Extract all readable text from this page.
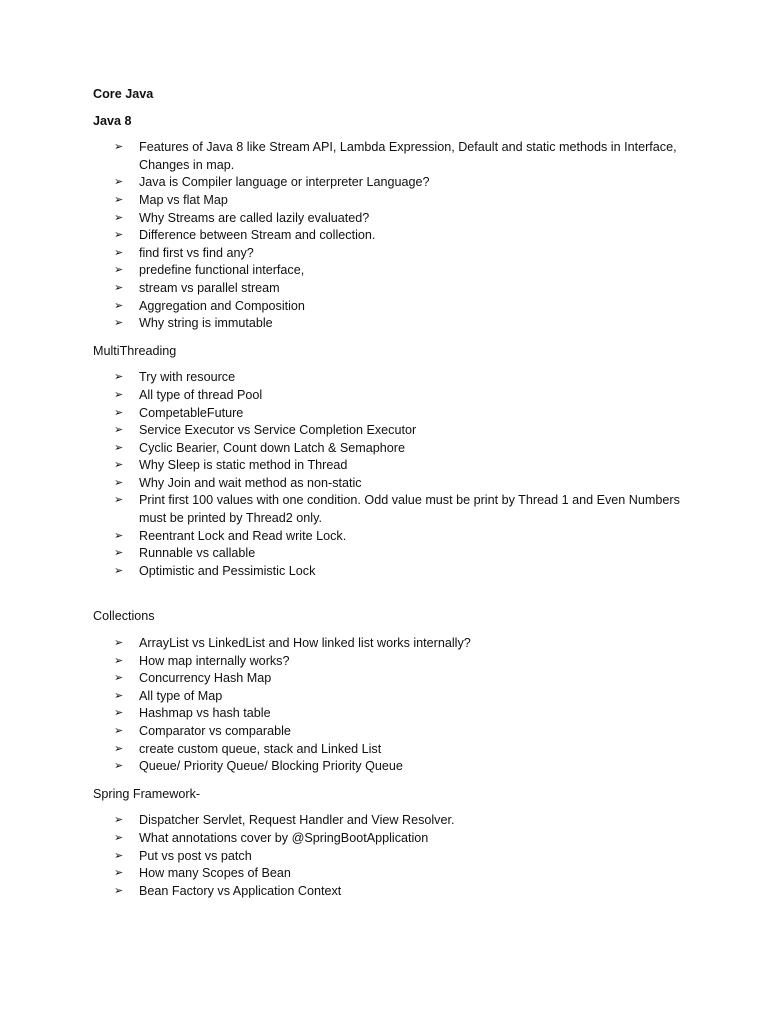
Core Java

Java 8

➢	Features of Java 8 like Stream API, Lambda Expression, Default and static methods in Interface, Changes in map.
➢	Java is Compiler language or interpreter Language?
➢	Map vs flat Map
➢	Why Streams are called lazily evaluated?
➢	Difference between Stream and collection.
➢	find first vs find any?
➢	predefine functional interface,
➢	stream vs parallel stream
➢	Aggregation and Composition
➢	Why string is immutable

MultiThreading

➢	Try with resource
➢	All type of thread Pool
➢	CompetableFuture
➢	Service Executor vs Service Completion Executor
➢	Cyclic Bearier, Count down Latch & Semaphore
➢	Why Sleep is static method in Thread
➢	Why Join and wait method as non-static
➢	Print first 100 values with one condition. Odd value must be print by Thread 1 and Even Numbers must be printed by Thread2 only.
➢	Reentrant Lock and Read write Lock.
➢	Runnable vs callable
➢	Optimistic and Pessimistic Lock

Collections

➢	ArrayList vs LinkedList and How linked list works internally?
➢	How map internally works?
➢	Concurrency Hash Map
➢	All type of Map
➢	Hashmap vs hash table
➢	Comparator vs comparable
➢	create custom queue, stack and Linked List
➢	Queue/ Priority Queue/ Blocking Priority Queue

Spring Framework-

➢	Dispatcher Servlet, Request Handler and View Resolver.
➢	What annotations cover by @SpringBootApplication
➢	Put vs post vs patch
➢	How many Scopes of Bean
➢	Bean Factory vs Application Context
